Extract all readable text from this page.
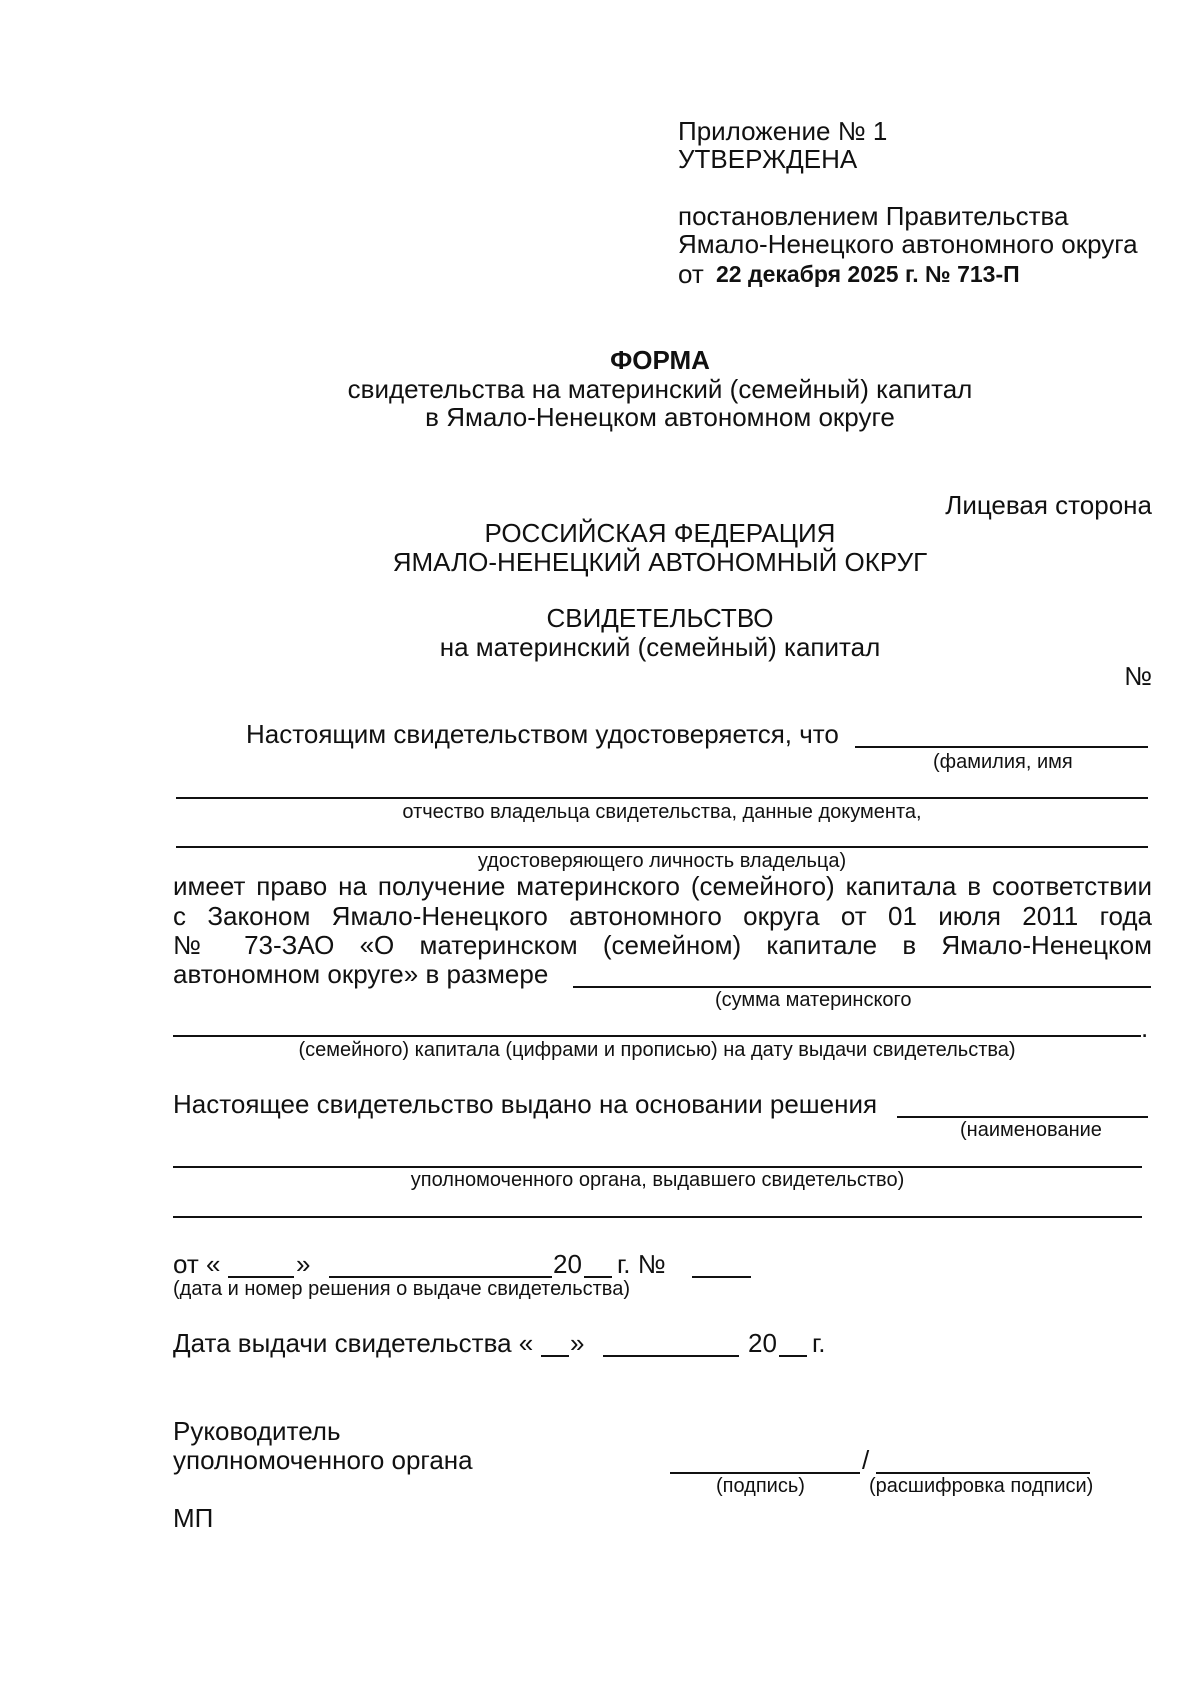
Приложение № 1
УТВЕРЖДЕНА
постановлением Правительства
Ямало-Ненецкого автономного округа
от 22 декабря 2025 г. № 713-П
ФОРМА
свидетельства на материнский (семейный) капитал
в Ямало-Ненецком автономном округе
Лицевая сторона
РОССИЙСКАЯ ФЕДЕРАЦИЯ
ЯМАЛО-НЕНЕЦКИЙ АВТОНОМНЫЙ ОКРУГ
СВИДЕТЕЛЬСТВО
на материнский (семейный) капитал
№
Настоящим свидетельством удостоверяется, что
(фамилия, имя
отчество владельца свидетельства, данные документа,
удостоверяющего личность владельца)
имеет право на получение материнского (семейного) капитала в соответствии
с Законом Ямало-Ненецкого автономного округа от 01 июля 2011 года
№ 73-ЗАО «О материнском (семейном) капитале в Ямало-Ненецком
автономном округе» в размере
(сумма материнского
.
(семейного) капитала (цифрами и прописью) на дату выдачи свидетельства)
Настоящее свидетельство выдано на основании решения
(наименование
уполномоченного органа, выдавшего свидетельство)
от «	»	20 г. №
(дата и номер решения о выдаче свидетельства)
Дата выдачи свидетельства « »	20 г.
Руководитель
уполномоченного органа	/
(подпись)	(расшифровка подписи)
МП
